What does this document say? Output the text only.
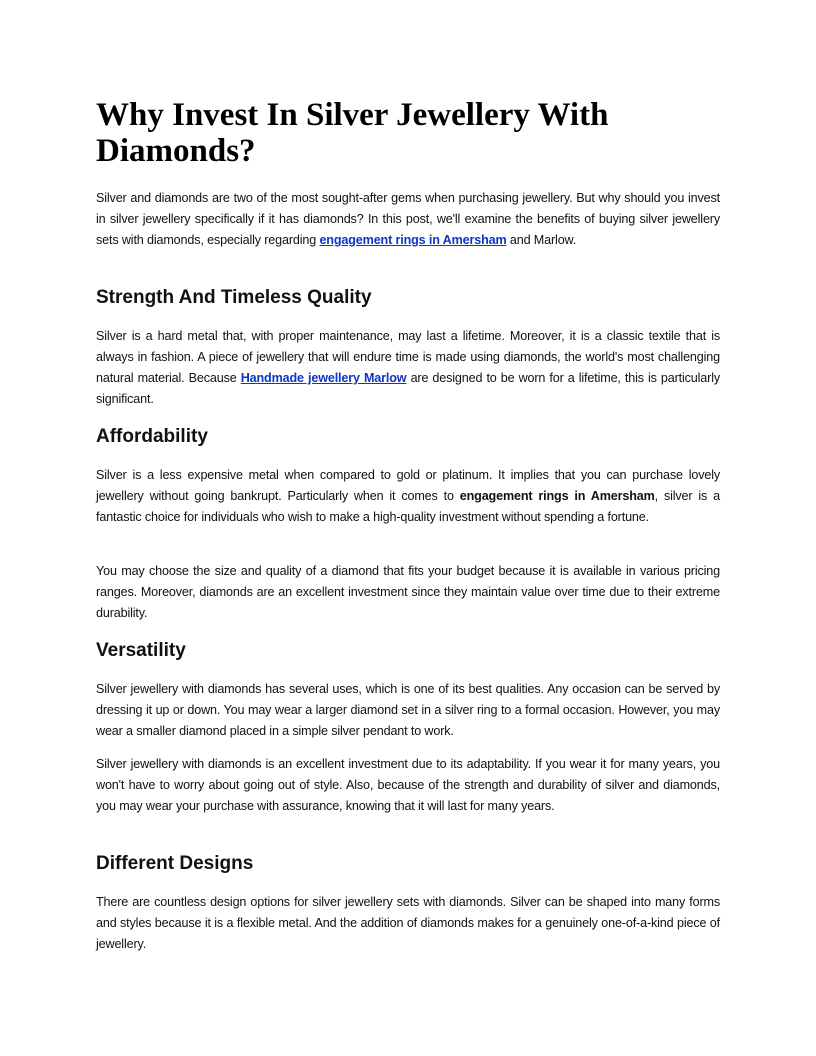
Why Invest In Silver Jewellery With Diamonds?

Silver and diamonds are two of the most sought-after gems when purchasing jewellery. But why should you invest in silver jewellery specifically if it has diamonds? In this post, we'll examine the benefits of buying silver jewellery sets with diamonds, especially regarding engagement rings in Amersham and Marlow.

Strength And Timeless Quality

Silver is a hard metal that, with proper maintenance, may last a lifetime. Moreover, it is a classic textile that is always in fashion. A piece of jewellery that will endure time is made using diamonds, the world's most challenging natural material. Because Handmade jewellery Marlow are designed to be worn for a lifetime, this is particularly significant.

Affordability

Silver is a less expensive metal when compared to gold or platinum. It implies that you can purchase lovely jewellery without going bankrupt. Particularly when it comes to engagement rings in Amersham, silver is a fantastic choice for individuals who wish to make a high-quality investment without spending a fortune.

You may choose the size and quality of a diamond that fits your budget because it is available in various pricing ranges. Moreover, diamonds are an excellent investment since they maintain value over time due to their extreme durability.

Versatility

Silver jewellery with diamonds has several uses, which is one of its best qualities. Any occasion can be served by dressing it up or down. You may wear a larger diamond set in a silver ring to a formal occasion. However, you may wear a smaller diamond placed in a simple silver pendant to work.

Silver jewellery with diamonds is an excellent investment due to its adaptability. If you wear it for many years, you won't have to worry about going out of style. Also, because of the strength and durability of silver and diamonds, you may wear your purchase with assurance, knowing that it will last for many years.

Different Designs

There are countless design options for silver jewellery sets with diamonds. Silver can be shaped into many forms and styles because it is a flexible metal. And the addition of diamonds makes for a genuinely one-of-a-kind piece of jewellery.
